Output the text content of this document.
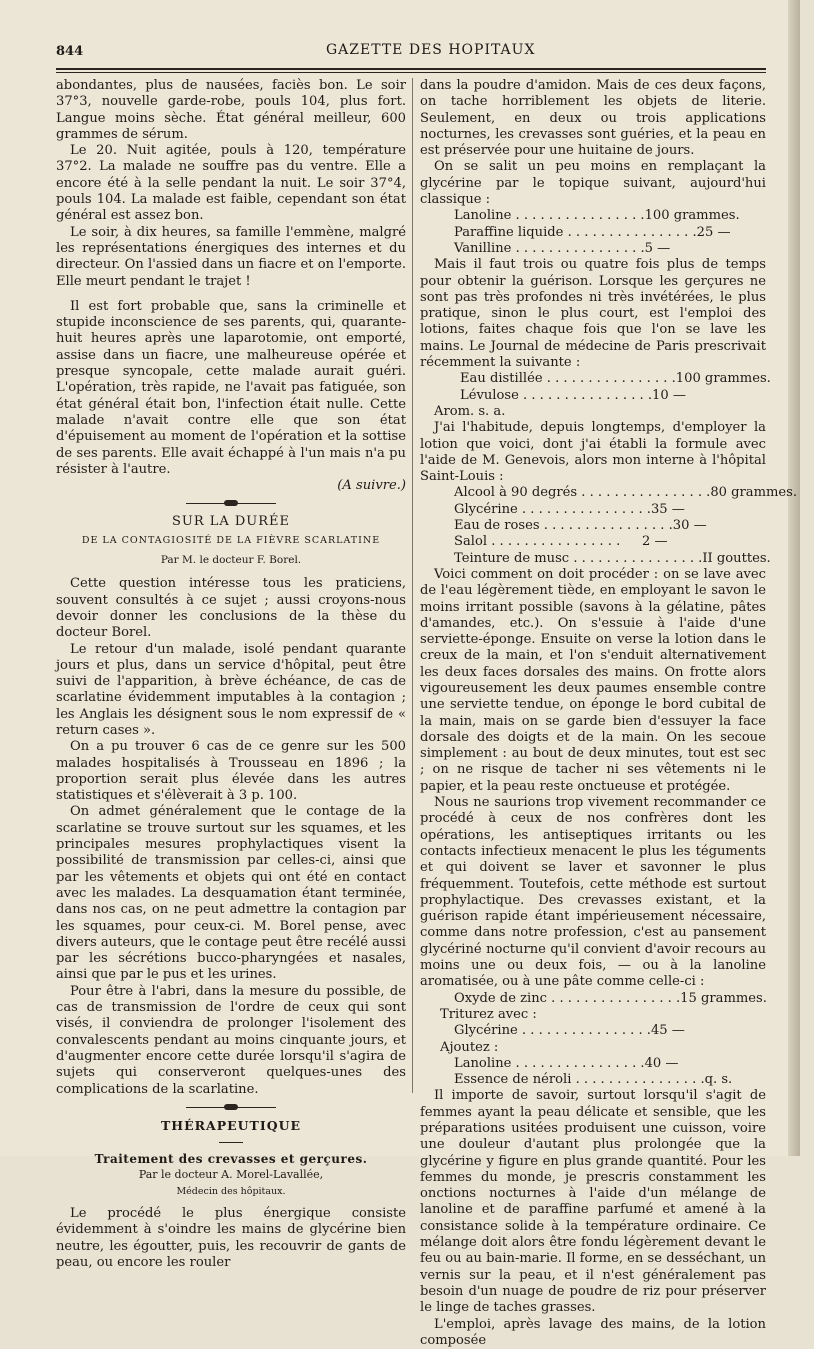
844	GAZETTE DES HOPITAUX

abondantes, plus de nausées, faciès bon. Le soir 37°3, nouvelle garde-robe, pouls 104, plus fort. Langue moins sèche. État général meilleur, 600 grammes de sérum.

Le 20. Nuit agitée, pouls à 120, température 37°2. La malade ne souffre pas du ventre. Elle a encore été à la selle pendant la nuit. Le soir 37°4, pouls 104. La malade est faible, cependant son état général est assez bon.

Le soir, à dix heures, sa famille l'emmène, malgré les représentations énergiques des internes et du directeur. On l'assied dans un fiacre et on l'emporte. Elle meurt pendant le trajet !

Il est fort probable que, sans la criminelle et stupide inconscience de ses parents, qui, quarante-huit heures après une laparotomie, ont emporté, assise dans un fiacre, une malheureuse opérée et presque syncopale, cette malade aurait guéri. L'opération, très rapide, ne l'avait pas fatiguée, son état général était bon, l'infection était nulle. Cette malade n'avait contre elle que son état d'épuisement au moment de l'opération et la sottise de ses parents. Elle avait échappé à l'un mais n'a pu résister à l'autre.

(A suivre.)

SUR LA DURÉE
DE LA CONTAGIOSITÉ DE LA FIÈVRE SCARLATINE
Par M. le docteur F. Borel.

Cette question intéresse tous les praticiens, souvent consultés à ce sujet ; aussi croyons-nous devoir donner les conclusions de la thèse du docteur Borel.

Le retour d'un malade, isolé pendant quarante jours et plus, dans un service d'hôpital, peut être suivi de l'apparition, à brève échéance, de cas de scarlatine évidemment imputables à la contagion ; les Anglais les désignent sous le nom expressif de « return cases ».

On a pu trouver 6 cas de ce genre sur les 500 malades hospitalisés à Trousseau en 1896 ; la proportion serait plus élevée dans les autres statistiques et s'élèverait à 3 p. 100.

On admet généralement que le contage de la scarlatine se trouve surtout sur les squames, et les principales mesures prophylactiques visent la possibilité de transmission par celles-ci, ainsi que par les vêtements et objets qui ont été en contact avec les malades. La desquamation étant terminée, dans nos cas, on ne peut admettre la contagion par les squames, pour ceux-ci. M. Borel pense, avec divers auteurs, que le contage peut être recélé aussi par les sécrétions bucco-pharyngées et nasales, ainsi que par le pus et les urines.

Pour être à l'abri, dans la mesure du possible, de cas de transmission de l'ordre de ceux qui sont visés, il conviendra de prolonger l'isolement des convalescents pendant au moins cinquante jours, et d'augmenter encore cette durée lorsqu'il s'agira de sujets qui conserveront quelques-unes des complications de la scarlatine.

THÉRAPEUTIQUE
Traitement des crevasses et gerçures.
Par le docteur A. Morel-Lavallée,
Médecin des hôpitaux.

Le procédé le plus énergique consiste évidemment à s'oindre les mains de glycérine bien neutre, les égoutter, puis, les recouvrir de gants de peau, ou encore les rouler

dans la poudre d'amidon. Mais de ces deux façons, on tache horriblement les objets de literie. Seulement, en deux ou trois applications nocturnes, les crevasses sont guéries, et la peau en est préservée pour une huitaine de jours.

On se salit un peu moins en remplaçant la glycérine par le topique suivant, aujourd'hui classique :

Lanoline . . . . . . . . . . . . . . . . 100 grammes.
Paraffine liquide . . . . . . . . . . . . . . . . 25 —
Vanilline . . . . . . . . . . . . . . . . 5 —

Mais il faut trois ou quatre fois plus de temps pour obtenir la guérison. Lorsque les gerçures ne sont pas très profondes ni très invétérées, le plus pratique, sinon le plus court, est l'emploi des lotions, faites chaque fois que l'on se lave les mains. Le Journal de médecine de Paris prescrivait récemment la suivante :

Eau distillée . . . . . . . . . . . . . . . . 100 grammes.
Lévulose . . . . . . . . . . . . . . . . 10 —

Arom. s. a.

J'ai l'habitude, depuis longtemps, d'employer la lotion que voici, dont j'ai établi la formule avec l'aide de M. Genevois, alors mon interne à l'hôpital Saint-Louis :

Alcool à 90 degrés . . . . . . . . . . . . . . . . 80 grammes.
Glycérine . . . . . . . . . . . . . . . . 35 —
Eau de roses . . . . . . . . . . . . . . . . 30 —
Salol . . . . . . . . . . . . . . . .	2 —
Teinture de musc . . . . . . . . . . . . . . . . II gouttes.

Voici comment on doit procéder : on se lave avec de l'eau légèrement tiède, en employant le savon le moins irritant possible (savons à la gélatine, pâtes d'amandes, etc.). On s'essuie à l'aide d'une serviette-éponge. Ensuite on verse la lotion dans le creux de la main, et l'on s'enduit alternativement les deux faces dorsales des mains. On frotte alors vigoureusement les deux paumes ensemble contre une serviette tendue, on éponge le bord cubital de la main, mais on se garde bien d'essuyer la face dorsale des doigts et de la main. On les secoue simplement : au bout de deux minutes, tout est sec ; on ne risque de tacher ni ses vêtements ni le papier, et la peau reste onctueuse et protégée.

Nous ne saurions trop vivement recommander ce procédé à ceux de nos confrères dont les opérations, les antiseptiques irritants ou les contacts infectieux menacent le plus les téguments et qui doivent se laver et savonner le plus fréquemment. Toutefois, cette méthode est surtout prophylactique. Des crevasses existant, et la guérison rapide étant impérieusement nécessaire, comme dans notre profession, c'est au pansement glycériné nocturne qu'il convient d'avoir recours au moins une ou deux fois, — ou à la lanoline aromatisée, ou à une pâte comme celle-ci :

Oxyde de zinc . . . . . . . . . . . . . . . . 15 grammes.
Triturez avec :
Glycérine . . . . . . . . . . . . . . . . 45 —
Ajoutez :
Lanoline . . . . . . . . . . . . . . . . 40 —
Essence de néroli . . . . . . . . . . . . . . . . q. s.

Il importe de savoir, surtout lorsqu'il s'agit de femmes ayant la peau délicate et sensible, que les préparations usitées produisent une cuisson, voire une douleur d'autant plus prolongée que la glycérine y figure en plus grande quantité. Pour les femmes du monde, je prescris constamment les onctions nocturnes à l'aide d'un mélange de lanoline et de paraffine parfumé et amené à la consistance solide à la température ordinaire. Ce mélange doit alors être fondu légèrement devant le feu ou au bain-marie. Il forme, en se desséchant, un vernis sur la peau, et il n'est généralement pas besoin d'un nuage de poudre de riz pour préserver le linge de taches grasses.

L'emploi, après lavage des mains, de la lotion composée
